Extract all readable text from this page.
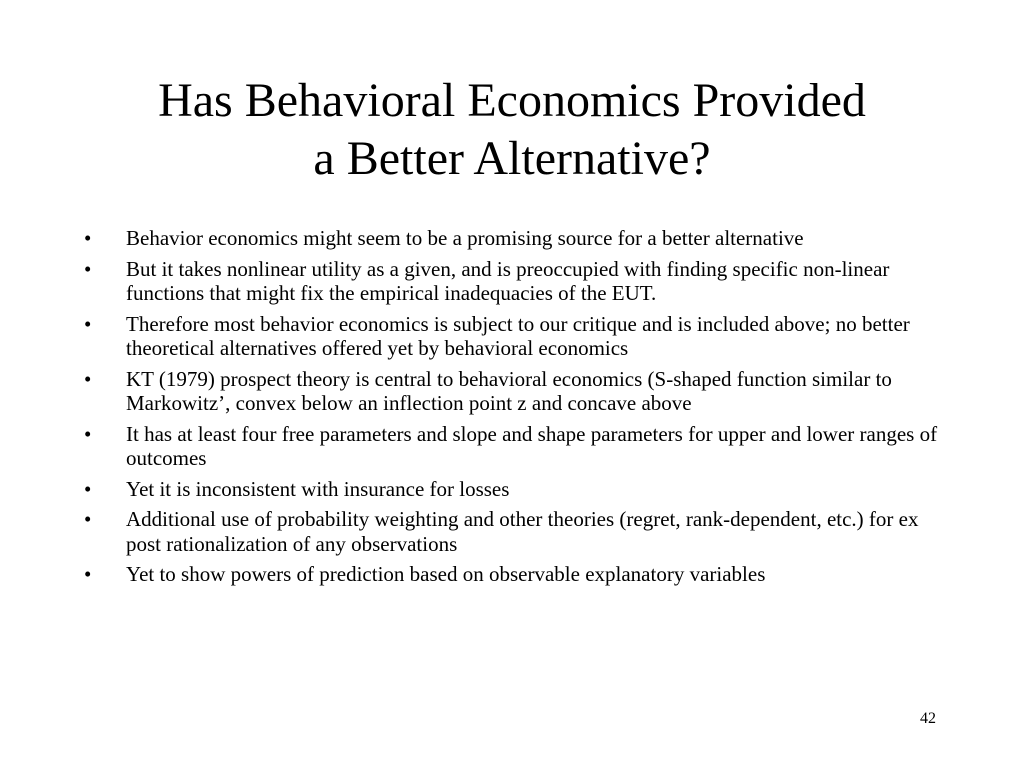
Has Behavioral Economics Provided
a Better Alternative?
• Behavior economics might seem to be a promising source for a better alternative
• But it takes nonlinear utility as a given, and is preoccupied with finding specific non-linear functions that might fix the empirical inadequacies of the EUT.
• Therefore most behavior economics is subject to our critique and is included above; no better theoretical alternatives offered yet by behavioral economics
• KT (1979) prospect theory is central to behavioral economics (S-shaped function similar to Markowitz’, convex below an inflection point z and concave above
• It has at least four free parameters and slope and shape parameters for upper and lower ranges of outcomes
• Yet it is inconsistent with insurance for losses
• Additional use of probability weighting and other theories (regret, rank-dependent, etc.) for ex post rationalization of any observations
• Yet to show powers of prediction based on observable explanatory variables
42
